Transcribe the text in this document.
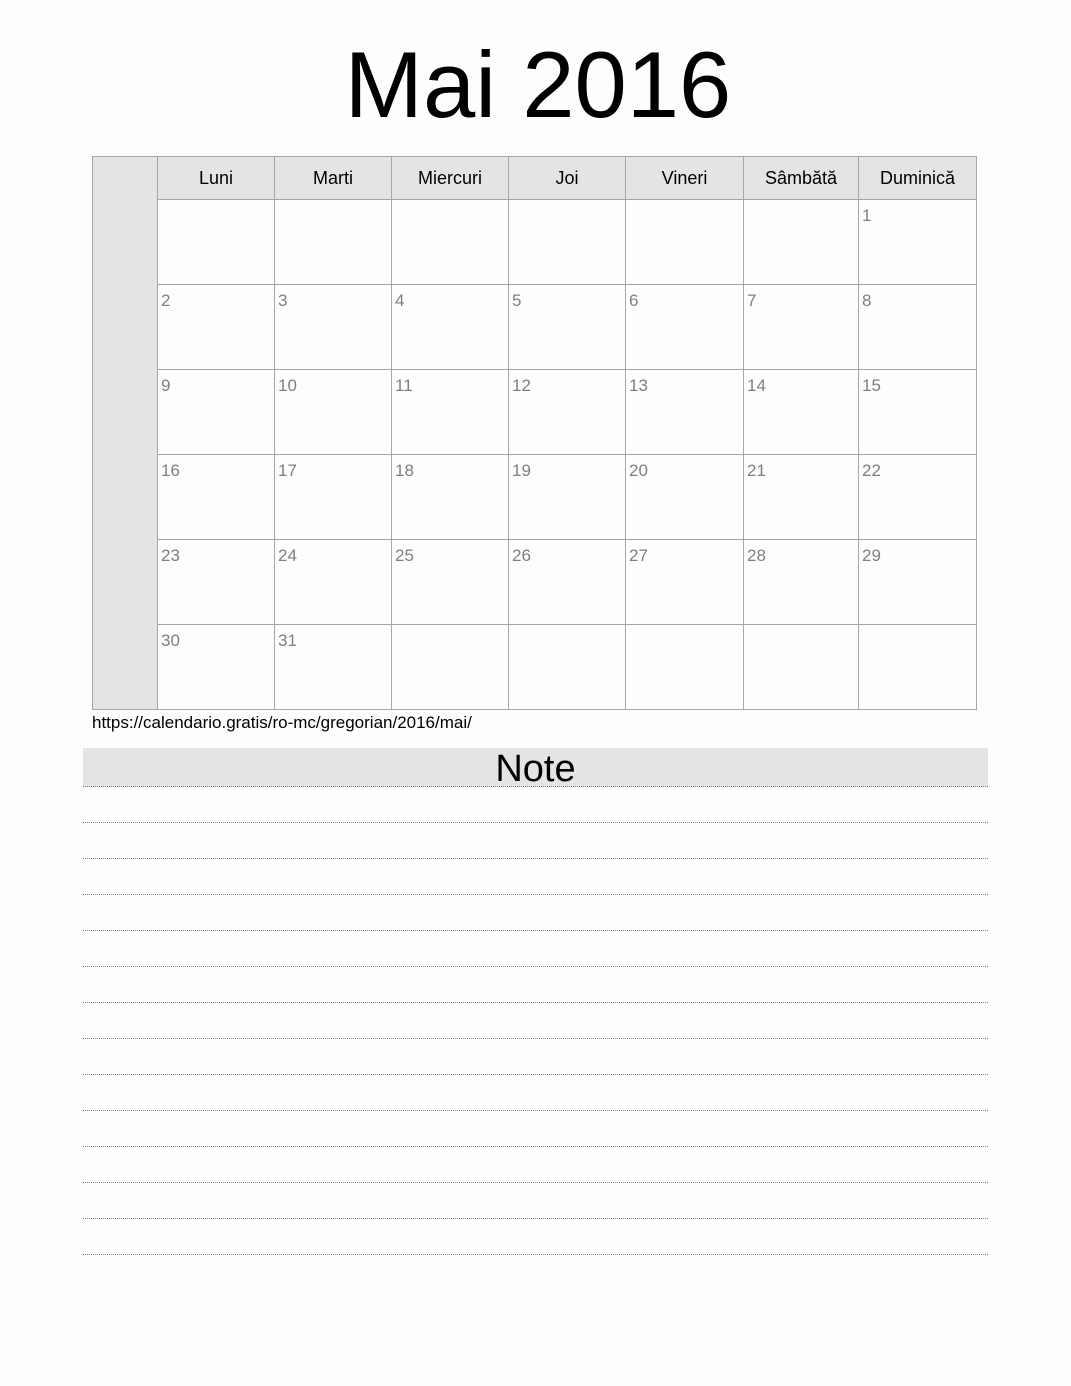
Mai 2016
Luni	Marti	Miercuri	Joi	Vineri	Sâmbătă	Duminică

						1

2	3	4	5	6	7	8

9	10	11	12	13	14	15

16	17	18	19	20	21	22

23	24	25	26	27	28	29

30	31					

https://calendario.gratis/ro-mc/gregorian/2016/mai/
Note
